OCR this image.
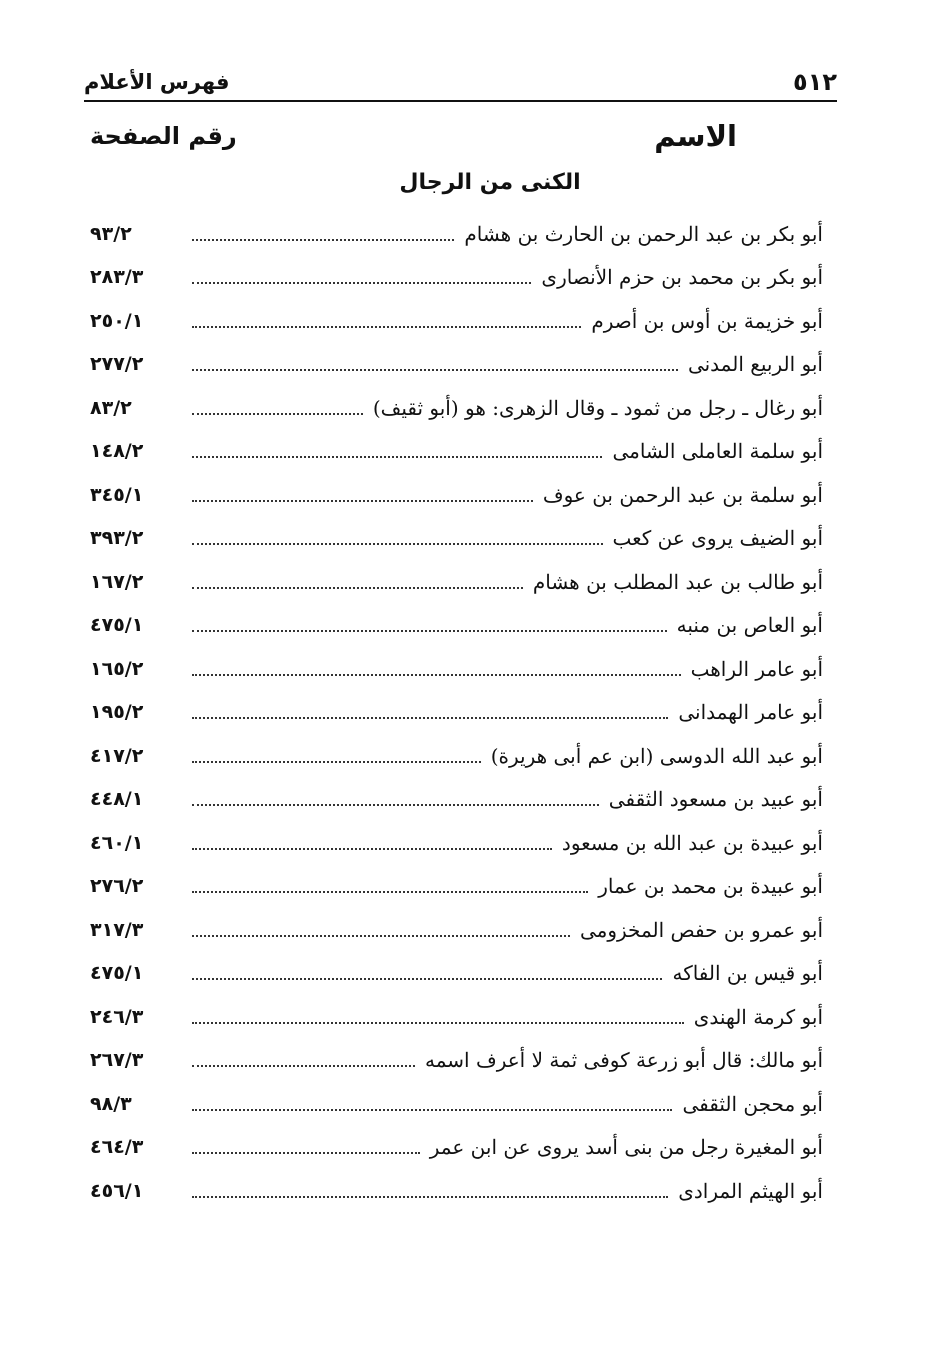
فهرس الأعلام	٥١٢
رقم الصفحة	الاسم
الكنى من الرجال
٩٣/٢	أبو بكر بن عبد الرحمن بن الحارث بن هشام
٢٨٣/٣	أبو بكر بن محمد بن حزم الأنصارى
٢٥٠/١	أبو خزيمة بن أوس بن أصرم
٢٧٧/٢	أبو الربيع المدنى
٨٣/٢	أبو رغال ـ رجل من ثمود ـ وقال الزهرى: هو (أبو ثقيف)
١٤٨/٢	أبو سلمة العاملى الشامى
٣٤٥/١	أبو سلمة بن عبد الرحمن بن عوف
٣٩٣/٢	أبو الضيف يروى عن كعب
١٦٧/٢	أبو طالب بن عبد المطلب بن هشام
٤٧٥/١	أبو العاص بن منبه
١٦٥/٢	أبو عامر الراهب
١٩٥/٢	أبو عامر الهمدانى
٤١٧/٢	أبو عبد الله الدوسى (ابن عم أبى هريرة)
٤٤٨/١	أبو عبيد بن مسعود الثقفى
٤٦٠/١	أبو عبيدة بن عبد الله بن مسعود
٢٧٦/٢	أبو عبيدة بن محمد بن عمار
٣١٧/٣	أبو عمرو بن حفص المخزومى
٤٧٥/١	أبو قيس بن الفاكه
٢٤٦/٣	أبو كرمة الهندى
٢٦٧/٣	أبو مالك: قال أبو زرعة كوفى ثمة لا أعرف اسمه
٩٨/٣	أبو محجن الثقفى
٤٦٤/٣	أبو المغيرة رجل من بنى أسد يروى عن ابن عمر
٤٥٦/١	أبو الهيثم المرادى
